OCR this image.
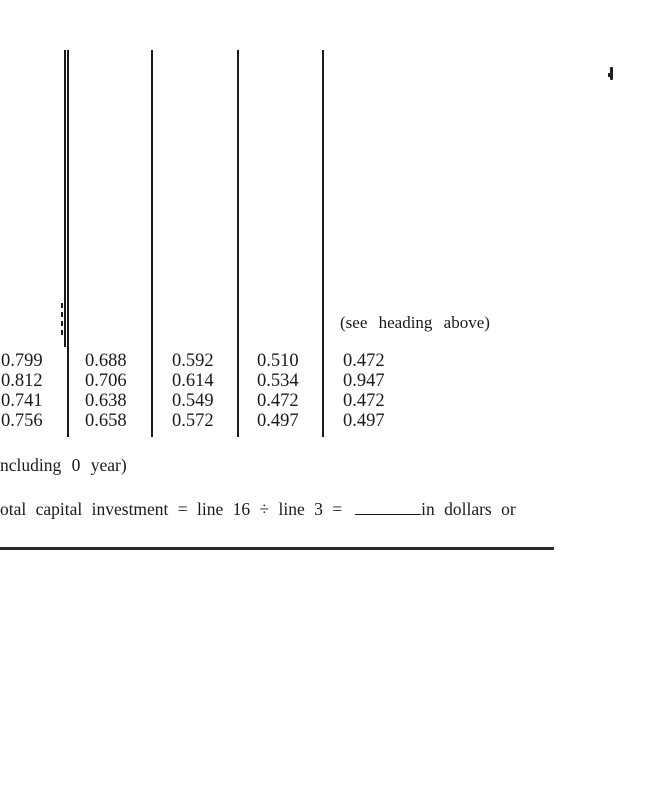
(see heading above)
0.799
0.812
0.741
0.756
0.688
0.706
0.638
0.658
0.592
0.614
0.549
0.572
0.510
0.534
0.472
0.497
0.472
0.947
0.472
0.497
ncluding 0 year)
otal capital investment = line 16 ÷ line 3 =	in dollars or
